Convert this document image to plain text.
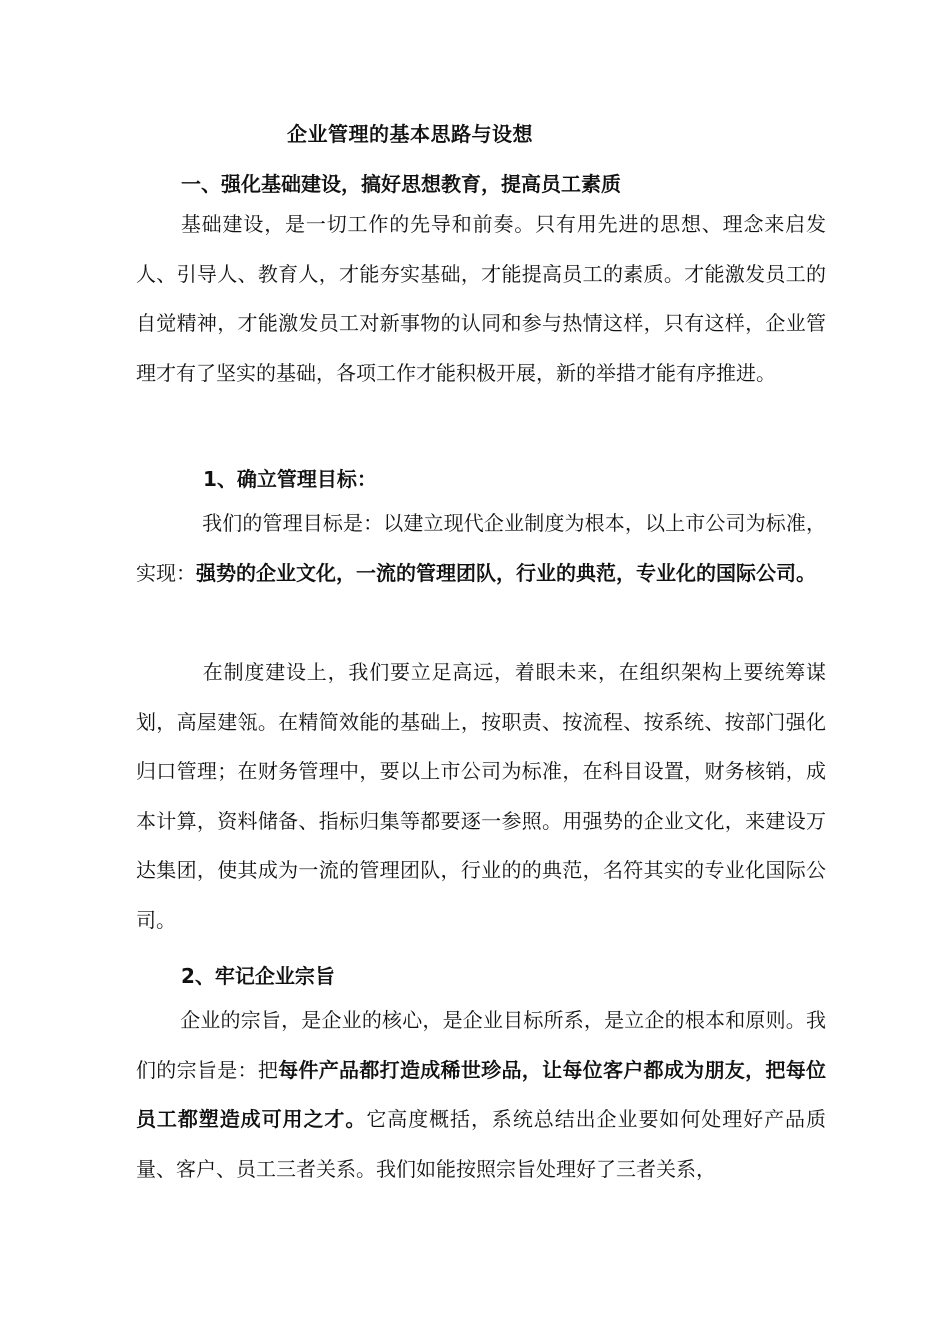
企业管理的基本思路与设想
一、强化基础建设，搞好思想教育，提高员工素质

基础建设，是一切工作的先导和前奏。只有用先进的思想、理念来启发人、引导人、教育人，才能夯实基础，才能提高员工的素质。才能激发员工的自觉精神，才能激发员工对新事物的认同和参与热情这样，只有这样，企业管理才有了坚实的基础，各项工作才能积极开展，新的举措才能有序推进。

1、确立管理目标：

我们的管理目标是：以建立现代企业制度为根本，以上市公司为标准，实现：强势的企业文化，一流的管理团队，行业的典范，专业化的国际公司。

在制度建设上，我们要立足高远，着眼未来，在组织架构上要统筹谋划，高屋建瓴。在精简效能的基础上，按职责、按流程、按系统、按部门强化归口管理；在财务管理中，要以上市公司为标准，在科目设置，财务核销，成本计算，资料储备、指标归集等都要逐一参照。用强势的企业文化，来建设万达集团，使其成为一流的管理团队，行业的的典范，名符其实的专业化国际公司。

2、牢记企业宗旨

企业的宗旨，是企业的核心，是企业目标所系，是立企的根本和原则。我们的宗旨是：把每件产品都打造成稀世珍品，让每位客户都成为朋友，把每位员工都塑造成可用之才。它高度概括，系统总结出企业要如何处理好产品质量、客户、员工三者关系。我们如能按照宗旨处理好了三者关系，
